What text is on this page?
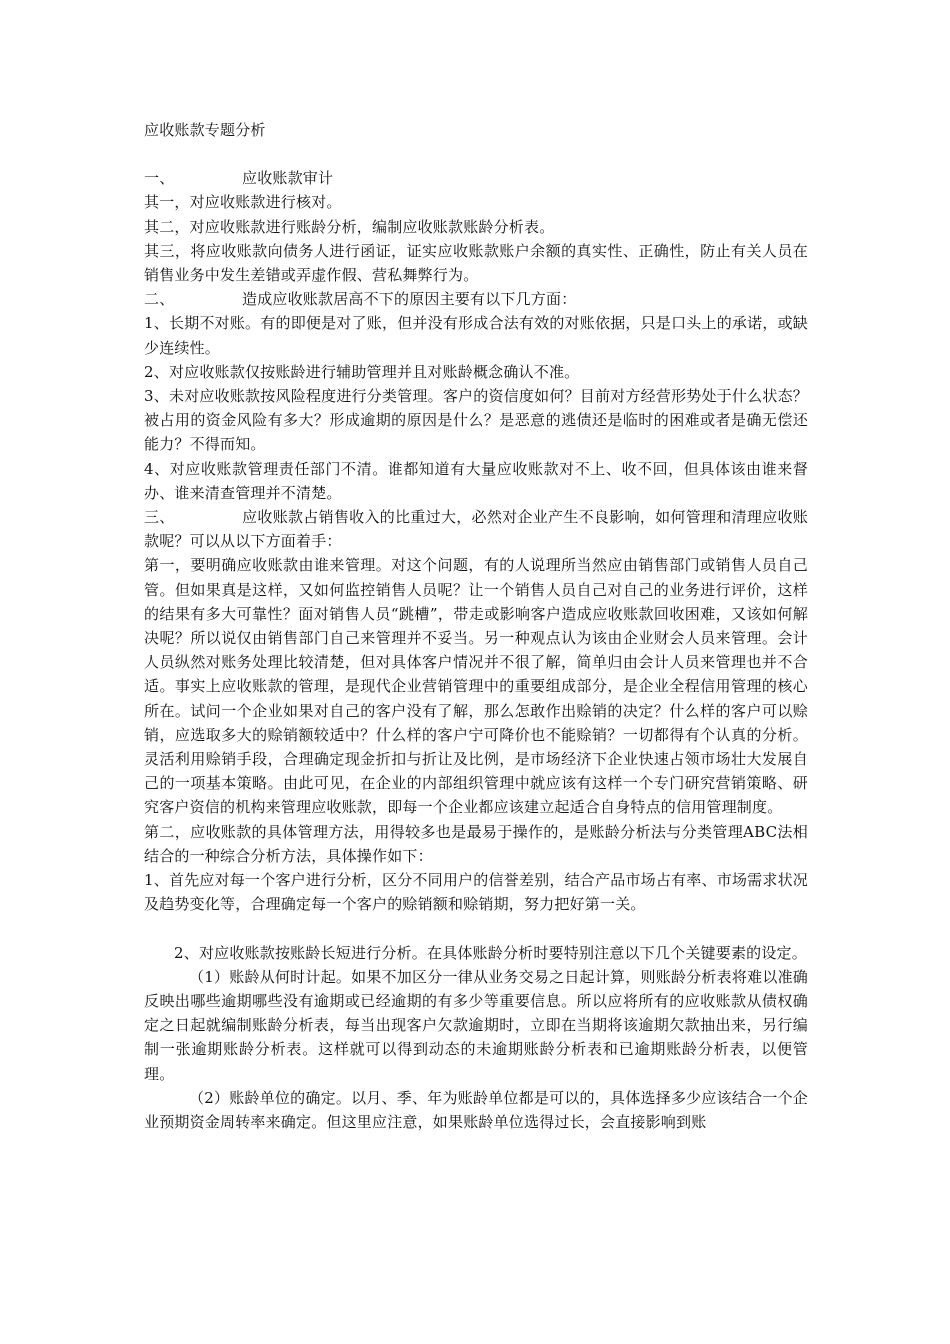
应收账款专题分析

一、	应收账款审计

其一，对应收账款进行核对。

其二，对应收账款进行账龄分析，编制应收账款账龄分析表。

其三，将应收账款向债务人进行函证，证实应收账款账户余额的真实性、正确性，防止有关人员在销售业务中发生差错或弄虚作假、营私舞弊行为。

二、	造成应收账款居高不下的原因主要有以下几方面：

1、长期不对账。有的即便是对了账，但并没有形成合法有效的对账依据，只是口头上的承诺，或缺少连续性。

2、对应收账款仅按账龄进行辅助管理并且对账龄概念确认不准。

3、未对应收账款按风险程度进行分类管理。客户的资信度如何？目前对方经营形势处于什么状态？被占用的资金风险有多大？形成逾期的原因是什么？是恶意的逃债还是临时的困难或者是确无偿还能力？不得而知。

4、对应收账款管理责任部门不清。谁都知道有大量应收账款对不上、收不回，但具体该由谁来督办、谁来清查管理并不清楚。

三、	应收账款占销售收入的比重过大，必然对企业产生不良影响，如何管理和清理应收账款呢？可以从以下方面着手：

第一，要明确应收账款由谁来管理。对这个问题，有的人说理所当然应由销售部门或销售人员自己管。但如果真是这样，又如何监控销售人员呢？让一个销售人员自己对自己的业务进行评价，这样的结果有多大可靠性？面对销售人员“跳槽”，带走或影响客户造成应收账款回收困难，又该如何解决呢？所以说仅由销售部门自己来管理并不妥当。另一种观点认为该由企业财会人员来管理。会计人员纵然对账务处理比较清楚，但对具体客户情况并不很了解，简单归由会计人员来管理也并不合适。事实上应收账款的管理，是现代企业营销管理中的重要组成部分，是企业全程信用管理的核心所在。试问一个企业如果对自己的客户没有了解，那么怎敢作出赊销的决定？什么样的客户可以赊销，应选取多大的赊销额较适中？什么样的客户宁可降价也不能赊销？一切都得有个认真的分析。灵活利用赊销手段，合理确定现金折扣与折让及比例，是市场经济下企业快速占领市场壮大发展自己的一项基本策略。由此可见，在企业的内部组织管理中就应该有这样一个专门研究营销策略、研究客户资信的机构来管理应收账款，即每一个企业都应该建立起适合自身特点的信用管理制度。

第二，应收账款的具体管理方法，用得较多也是最易于操作的，是账龄分析法与分类管理ABC法相结合的一种综合分析方法，具体操作如下：

1、首先应对每一个客户进行分析，区分不同用户的信誉差别，结合产品市场占有率、市场需求状况及趋势变化等，合理确定每一个客户的赊销额和赊销期，努力把好第一关。

2、对应收账款按账龄长短进行分析。在具体账龄分析时要特别注意以下几个关键要素的设定。

（1）账龄从何时计起。如果不加区分一律从业务交易之日起计算，则账龄分析表将难以准确反映出哪些逾期哪些没有逾期或已经逾期的有多少等重要信息。所以应将所有的应收账款从债权确定之日起就编制账龄分析表，每当出现客户欠款逾期时，立即在当期将该逾期欠款抽出来，另行编制一张逾期账龄分析表。这样就可以得到动态的未逾期账龄分析表和已逾期账龄分析表，以便管理。

（2）账龄单位的确定。以月、季、年为账龄单位都是可以的，具体选择多少应该结合一个企业预期资金周转率来确定。但这里应注意，如果账龄单位选得过长，会直接影响到账
